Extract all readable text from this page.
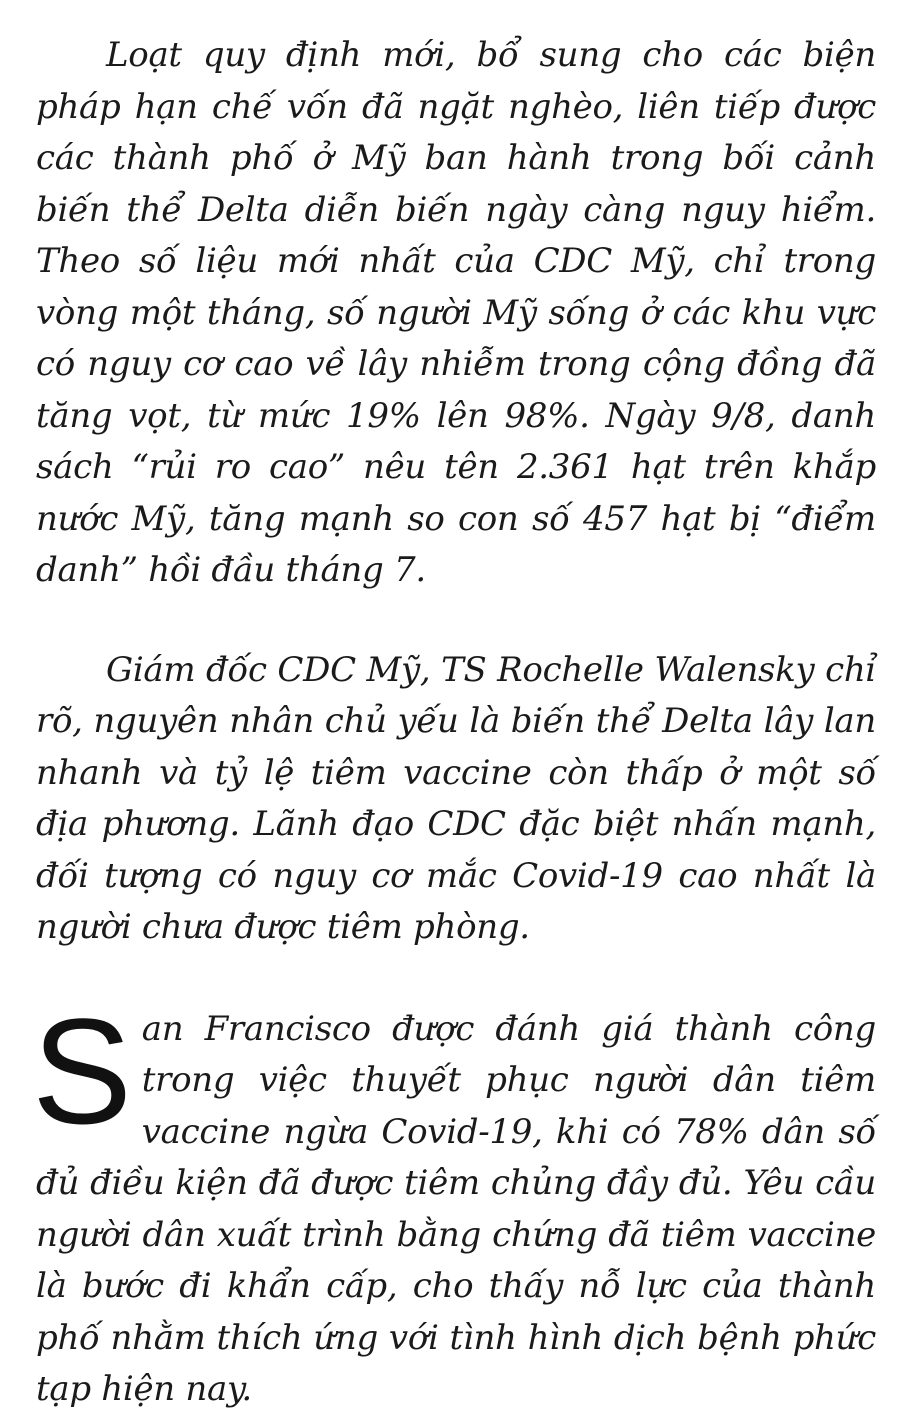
Loạt quy định mới, bổ sung cho các biện pháp hạn chế vốn đã ngặt nghèo, liên tiếp được các thành phố ở Mỹ ban hành trong bối cảnh biến thể Delta diễn biến ngày càng nguy hiểm. Theo số liệu mới nhất của CDC Mỹ, chỉ trong vòng một tháng, số người Mỹ sống ở các khu vực có nguy cơ cao về lây nhiễm trong cộng đồng đã tăng vọt, từ mức 19% lên 98%. Ngày 9/8, danh sách “rủi ro cao” nêu tên 2.361 hạt trên khắp nước Mỹ, tăng mạnh so con số 457 hạt bị “điểm danh” hồi đầu tháng 7.

Giám đốc CDC Mỹ, TS Rochelle Walensky chỉ rõ, nguyên nhân chủ yếu là biến thể Delta lây lan nhanh và tỷ lệ tiêm vaccine còn thấp ở một số địa phương. Lãnh đạo CDC đặc biệt nhấn mạnh, đối tượng có nguy cơ mắc Covid-19 cao nhất là người chưa được tiêm phòng.

San Francisco được đánh giá thành công trong việc thuyết phục người dân tiêm vaccine ngừa Covid-19, khi có 78% dân số đủ điều kiện đã được tiêm chủng đầy đủ. Yêu cầu người dân xuất trình bằng chứng đã tiêm vaccine là bước đi khẩn cấp, cho thấy nỗ lực của thành phố nhằm thích ứng với tình hình dịch bệnh phức tạp hiện nay.
